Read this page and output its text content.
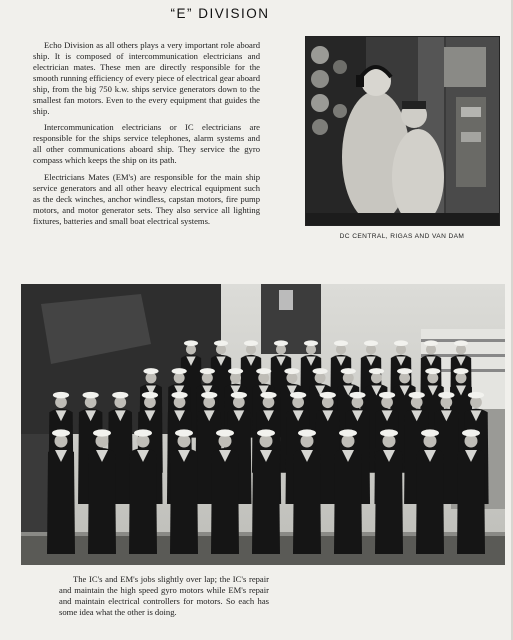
“E” DIVISION

Echo Division as all others plays a very important role aboard ship. It is composed of intercommunication electricians and electrician mates. These men are directly responsible for the smooth running efficiency of every piece of electrical gear aboard ship, from the big 750 k.w. ships service generators down to the smallest fan motors. Even to the every equipment that guides the ship.

Intercommunication electricians or IC electricians are responsible for the ships service telephones, alarm systems and all other communications aboard ship. They service the gyro compass which keeps the ship on its path.

Electricians Mates (EM's) are responsible for the main ship service generators and all other heavy electrical equipment such as the deck winches, anchor windless, capstan motors, fire pump motors, and motor generator sets. They also service all lighting fixtures, batteries and small boat electrical systems.

DC CENTRAL, RIGAS AND VAN DAM
The IC's and EM's jobs slightly over lap; the IC's repair and maintain the high speed gyro motors while EM's repair and maintain electrical controllers for motors. So each has some idea what the other is doing.
